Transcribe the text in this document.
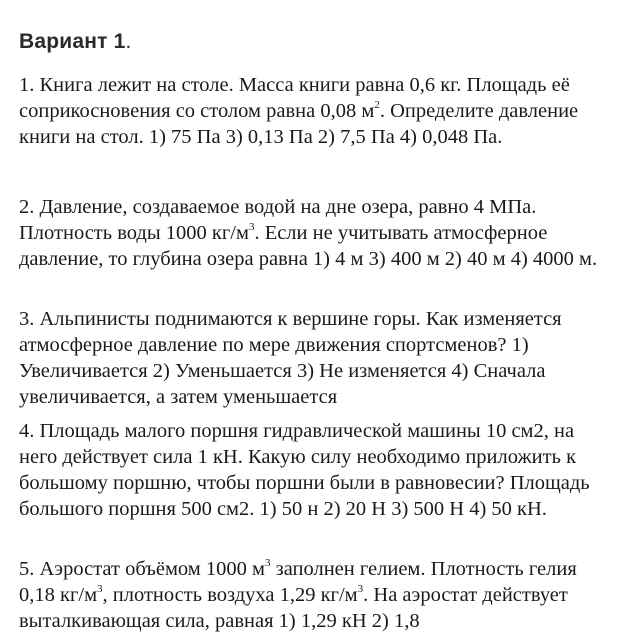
Вариант 1.

1. Книга лежит на столе. Масса книги равна 0,6 кг. Площадь её соприкосновения со столом равна 0,08 $м^2$. Определите давление книги на стол. 1) 75 Па 3) 0,13 Па 2) 7,5 Па 4) 0,048 Па.

2. Давление, создаваемое водой на дне озера, равно 4 МПа. Плотность воды 1000 $кг/м^3$. Если не учитывать атмосферное давление, то глубина озера равна 1) 4 м 3) 400 м 2) 40 м 4) 4000 м.

3. Альпинисты поднимаются к вершине горы. Как изменяется атмосферное давление по мере движения спортсменов? 1) Увеличивается 2) Уменьшается 3) Не изменяется 4) Сначала увеличивается, а затем уменьшается

4. Площадь малого поршня гидравлической машины 10 см2, на него действует сила 1 кН. Какую силу необходимо приложить к большому поршню, чтобы поршни были в равновесии? Площадь большого поршня 500 см2. 1) 50 н 2) 20 Н 3) 500 Н 4) 50 кН.

5. Аэростат объёмом 1000 $м^3$ заполнен гелием. Плотность гелия 0,18 $кг/м^3$, плотность воздуха 1,29 $кг/м^3$. На аэростат действует выталкивающая сила, равная 1) 1,29 кН 2) 1,8
